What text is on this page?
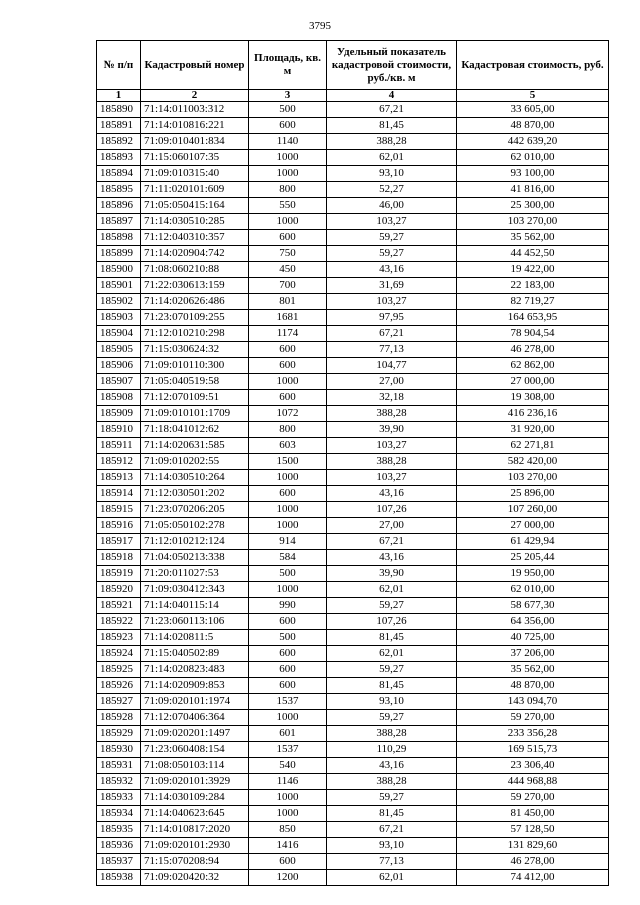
3795
№ п/п	Кадастровый номер	Площадь, кв. м	Удельный показатель кадастровой стоимости, руб./кв. м	Кадастровая стоимость, руб.
1	2	3	4	5
185890	71:14:011003:312	500	67,21	33 605,00
185891	71:14:010816:221	600	81,45	48 870,00
185892	71:09:010401:834	1140	388,28	442 639,20
185893	71:15:060107:35	1000	62,01	62 010,00
185894	71:09:010315:40	1000	93,10	93 100,00
185895	71:11:020101:609	800	52,27	41 816,00
185896	71:05:050415:164	550	46,00	25 300,00
185897	71:14:030510:285	1000	103,27	103 270,00
185898	71:12:040310:357	600	59,27	35 562,00
185899	71:14:020904:742	750	59,27	44 452,50
185900	71:08:060210:88	450	43,16	19 422,00
185901	71:22:030613:159	700	31,69	22 183,00
185902	71:14:020626:486	801	103,27	82 719,27
185903	71:23:070109:255	1681	97,95	164 653,95
185904	71:12:010210:298	1174	67,21	78 904,54
185905	71:15:030624:32	600	77,13	46 278,00
185906	71:09:010110:300	600	104,77	62 862,00
185907	71:05:040519:58	1000	27,00	27 000,00
185908	71:12:070109:51	600	32,18	19 308,00
185909	71:09:010101:1709	1072	388,28	416 236,16
185910	71:18:041012:62	800	39,90	31 920,00
185911	71:14:020631:585	603	103,27	62 271,81
185912	71:09:010202:55	1500	388,28	582 420,00
185913	71:14:030510:264	1000	103,27	103 270,00
185914	71:12:030501:202	600	43,16	25 896,00
185915	71:23:070206:205	1000	107,26	107 260,00
185916	71:05:050102:278	1000	27,00	27 000,00
185917	71:12:010212:124	914	67,21	61 429,94
185918	71:04:050213:338	584	43,16	25 205,44
185919	71:20:011027:53	500	39,90	19 950,00
185920	71:09:030412:343	1000	62,01	62 010,00
185921	71:14:040115:14	990	59,27	58 677,30
185922	71:23:060113:106	600	107,26	64 356,00
185923	71:14:020811:5	500	81,45	40 725,00
185924	71:15:040502:89	600	62,01	37 206,00
185925	71:14:020823:483	600	59,27	35 562,00
185926	71:14:020909:853	600	81,45	48 870,00
185927	71:09:020101:1974	1537	93,10	143 094,70
185928	71:12:070406:364	1000	59,27	59 270,00
185929	71:09:020201:1497	601	388,28	233 356,28
185930	71:23:060408:154	1537	110,29	169 515,73
185931	71:08:050103:114	540	43,16	23 306,40
185932	71:09:020101:3929	1146	388,28	444 968,88
185933	71:14:030109:284	1000	59,27	59 270,00
185934	71:14:040623:645	1000	81,45	81 450,00
185935	71:14:010817:2020	850	67,21	57 128,50
185936	71:09:020101:2930	1416	93,10	131 829,60
185937	71:15:070208:94	600	77,13	46 278,00
185938	71:09:020420:32	1200	62,01	74 412,00
